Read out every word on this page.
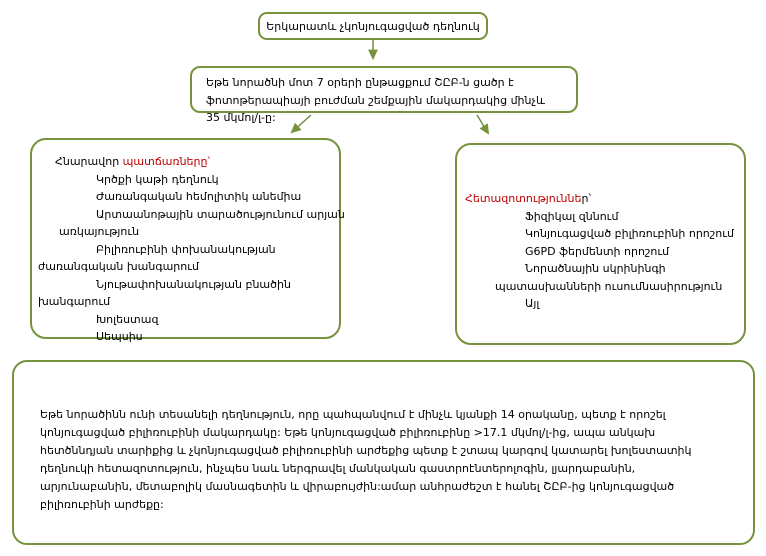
Երկարատև չկոնյուգացված դեղնուկ
Եթե նորածնի մոտ 7 օրերի ընթացքում ՇԸԲ-ն ցածր է ֆոտոթերապիայի բուժման շեմքային մակարդակից մինչև 35 մկմոլ/լ-ը:
Հնարավոր պատճառները՝
Կրծքի կաթի դեղնուկ
Ժառանգական հեմոլիտիկ անեմիա
Արտաանոթային տարածությունում արյան
առկայություն
Բիլիռուբինի փոխանակության
ժառանգական խանգարում
Նյութափոխանակության բնածին
խանգարում
Խոլեստազ
Սեպսիս
Հետազոտություններ՝
Ֆիզիկալ զննում
Կոնյուգացված բիլիռուբինի որոշում
G6PD ֆերմենտի որոշում
Նորածնային սկրինինգի
պատասխանների ուսումնասիրություն
Այլ

Եթե նորածինն ունի տեսանելի դեղնություն, որը պահպանվում է մինչև կյանքի 14 օրականը, պետք է որոշել կոնյուգացված բիլիռուբինի մակարդակը: Եթե կոնյուգացված բիլիռուբինը >17.1 մկմոլ/լ-ից, ապա անկախ հետծննդյան տարիքից և չկոնյուգացված բիլիռուբինի արժեքից պետք է շտապ կարգով կատարել խոլեստատիկ դեղնուկի հետազոտություն, ինչպես նաև ներգրավել մանկական գաստրոէնտերոլոգին, լյարդաբանին, արյունաբանին, մետաբոլիկ մասնագետին և վիրաբույժին:ամար անհրաժեշտ է հանել ՇԸԲ-ից կոնյուգացված բիլիռուբինի արժեքը:
